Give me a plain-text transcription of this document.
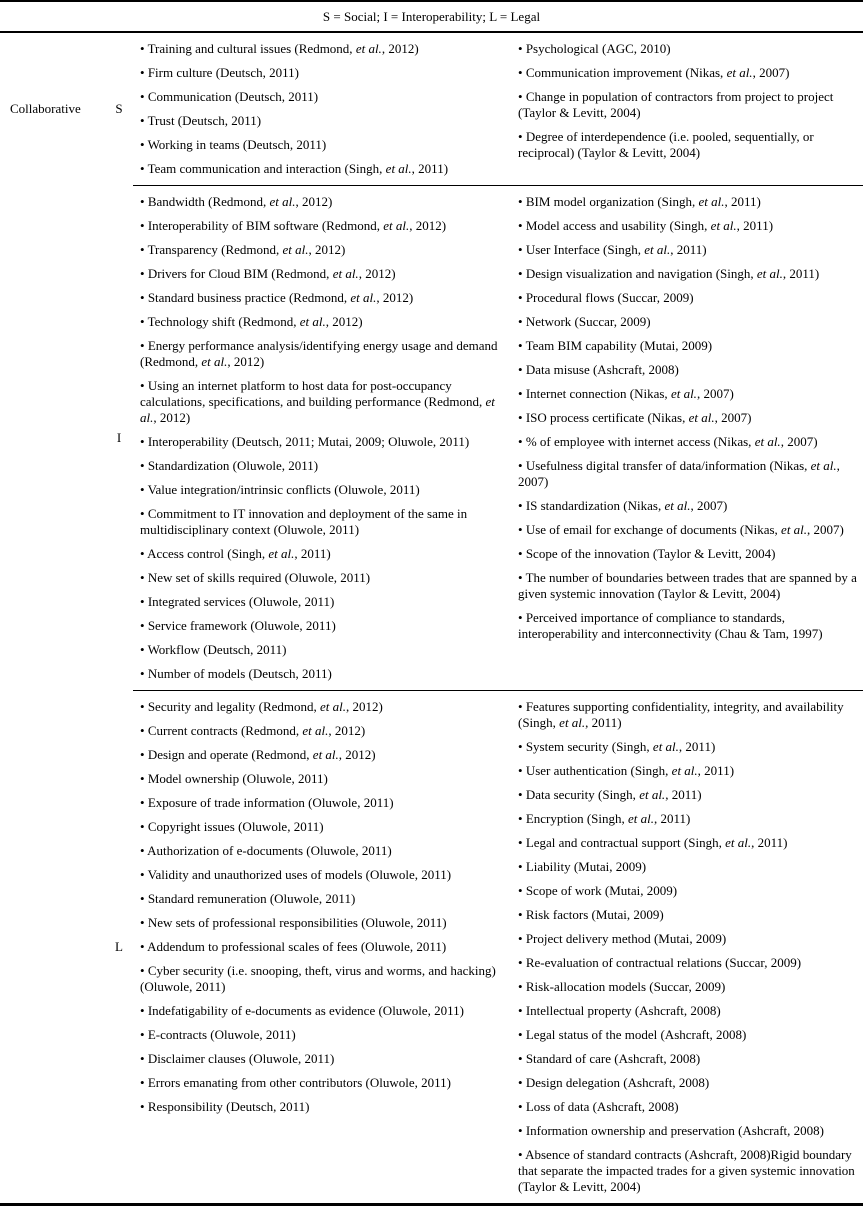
S = Social; I = Interoperability; L = Legal
Collaborative	S
• Training and cultural issues (Redmond, et al., 2012)
• Firm culture (Deutsch, 2011)
• Communication (Deutsch, 2011)
• Trust (Deutsch, 2011)
• Working in teams (Deutsch, 2011)
• Team communication and interaction (Singh, et al., 2011)
• Psychological (AGC, 2010)
• Communication improvement (Nikas, et al., 2007)
• Change in population of contractors from project to project (Taylor & Levitt, 2004)
• Degree of interdependence (i.e. pooled, sequentially, or reciprocal) (Taylor & Levitt, 2004)
I
• Bandwidth (Redmond, et al., 2012)
• Interoperability of BIM software (Redmond, et al., 2012)
• Transparency (Redmond, et al., 2012)
• Drivers for Cloud BIM (Redmond, et al., 2012)
• Standard business practice (Redmond, et al., 2012)
• Technology shift (Redmond, et al., 2012)
• Energy performance analysis/identifying energy usage and demand (Redmond, et al., 2012)
• Using an internet platform to host data for post-occupancy calculations, specifications, and building performance (Redmond, et al., 2012)
• Interoperability (Deutsch, 2011; Mutai, 2009; Oluwole, 2011)
• Standardization (Oluwole, 2011)
• Value integration/intrinsic conflicts (Oluwole, 2011)
• Commitment to IT innovation and deployment of the same in multidisciplinary context (Oluwole, 2011)
• Access control (Singh, et al., 2011)
• New set of skills required (Oluwole, 2011)
• Integrated services (Oluwole, 2011)
• Service framework (Oluwole, 2011)
• Workflow (Deutsch, 2011)
• Number of models (Deutsch, 2011)
• BIM model organization (Singh, et al., 2011)
• Model access and usability (Singh, et al., 2011)
• User Interface (Singh, et al., 2011)
• Design visualization and navigation (Singh, et al., 2011)
• Procedural flows (Succar, 2009)
• Network (Succar, 2009)
• Team BIM capability (Mutai, 2009)
• Data misuse (Ashcraft, 2008)
• Internet connection (Nikas, et al., 2007)
• ISO process certificate (Nikas, et al., 2007)
• % of employee with internet access (Nikas, et al., 2007)
• Usefulness digital transfer of data/information (Nikas, et al., 2007)
• IS standardization (Nikas, et al., 2007)
• Use of email for exchange of documents (Nikas, et al., 2007)
• Scope of the innovation (Taylor & Levitt, 2004)
• The number of boundaries between trades that are spanned by a given systemic innovation (Taylor & Levitt, 2004)
• Perceived importance of compliance to standards, interoperability and interconnectivity (Chau & Tam, 1997)
L
• Security and legality (Redmond, et al., 2012)
• Current contracts (Redmond, et al., 2012)
• Design and operate (Redmond, et al., 2012)
• Model ownership (Oluwole, 2011)
• Exposure of trade information (Oluwole, 2011)
• Copyright issues (Oluwole, 2011)
• Authorization of e-documents (Oluwole, 2011)
• Validity and unauthorized uses of models (Oluwole, 2011)
• Standard remuneration (Oluwole, 2011)
• New sets of professional responsibilities (Oluwole, 2011)
• Addendum to professional scales of fees (Oluwole, 2011)
• Cyber security (i.e. snooping, theft, virus and worms, and hacking) (Oluwole, 2011)
• Indefatigability of e-documents as evidence (Oluwole, 2011)
• E-contracts (Oluwole, 2011)
• Disclaimer clauses (Oluwole, 2011)
• Errors emanating from other contributors (Oluwole, 2011)
• Responsibility (Deutsch, 2011)
• Features supporting confidentiality, integrity, and availability (Singh, et al., 2011)
• System security (Singh, et al., 2011)
• User authentication (Singh, et al., 2011)
• Data security (Singh, et al., 2011)
• Encryption (Singh, et al., 2011)
• Legal and contractual support (Singh, et al., 2011)
• Liability (Mutai, 2009)
• Scope of work (Mutai, 2009)
• Risk factors (Mutai, 2009)
• Project delivery method (Mutai, 2009)
• Re-evaluation of contractual relations (Succar, 2009)
• Risk-allocation models (Succar, 2009)
• Intellectual property (Ashcraft, 2008)
• Legal status of the model (Ashcraft, 2008)
• Standard of care (Ashcraft, 2008)
• Design delegation (Ashcraft, 2008)
• Loss of data (Ashcraft, 2008)
• Information ownership and preservation (Ashcraft, 2008)
• Absence of standard contracts (Ashcraft, 2008)Rigid boundary that separate the impacted trades for a given systemic innovation (Taylor & Levitt, 2004)
